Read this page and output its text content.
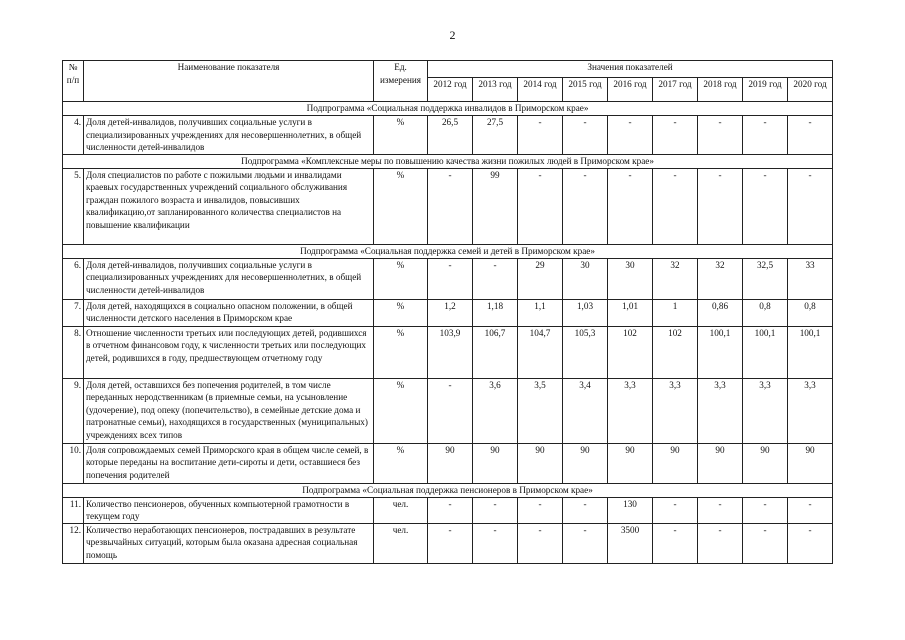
2
№ п/п	Наименование показателя	Ед. измерения	Значения показателей								
			2012 год	2013 год	2014 год	2015 год	2016 год	2017 год	2018 год	2019 год	2020 год
Подпрограмма «Социальная поддержка инвалидов в Приморском крае»											
4.	Доля детей-инвалидов, получивших социальные услуги в специализированных учреждениях для несовершеннолетних, в общей численности детей-инвалидов	%	26,5	27,5	-	-	-	-	-	-	-
Подпрограмма «Комплексные меры по повышению качества жизни пожилых людей в Приморском крае»											
5.	Доля специалистов по работе с пожилыми людьми и инвалидами краевых государственных учреждений социального обслуживания граждан пожилого возраста и инвалидов, повысивших квалификацию,от запланированного количества специалистов на повышение квалификации	%	-	99	-	-	-	-	-	-	-
Подпрограмма «Социальная поддержка семей и детей в Приморском крае»											
6.	Доля детей-инвалидов, получивших социальные услуги в специализированных учреждениях для несовершеннолетних, в общей численности детей-инвалидов	%	-	-	29	30	30	32	32	32,5	33
7.	Доля детей, находящихся в социально опасном положении, в общей численности детского населения в Приморском крае	%	1,2	1,18	1,1	1,03	1,01	1	0,86	0,8	0,8
8.	Отношение численности третьих или последующих детей, родившихся в отчетном финансовом году, к численности третьих или последующих детей, родившихся в году, предшествующем отчетному году	%	103,9	106,7	104,7	105,3	102	102	100,1	100,1	100,1
9.	Доля детей, оставшихся без попечения родителей, в том числе переданных неродственникам (в приемные семьи, на усыновление (удочерение), под опеку (попечительство), в семейные детские дома и патронатные семьи), находящихся в государственных (муниципальных) учреждениях всех типов	%	-	3,6	3,5	3,4	3,3	3,3	3,3	3,3	3,3
10.	Доля сопровождаемых семей Приморского края в общем числе семей, в которые переданы на воспитание дети-сироты и дети, оставшиеся без попечения родителей	%	90	90	90	90	90	90	90	90	90
Подпрограмма «Социальная поддержка пенсионеров в Приморском крае»											
11.	Количество пенсионеров, обученных компьютерной грамотности в текущем году	чел.	-	-	-	-	130	-	-	-	-
12.	Количество неработающих пенсионеров, пострадавших в результате чрезвычайных ситуаций, которым была оказана адресная социальная помощь	чел.	-	-	-	-	3500	-	-	-	-
